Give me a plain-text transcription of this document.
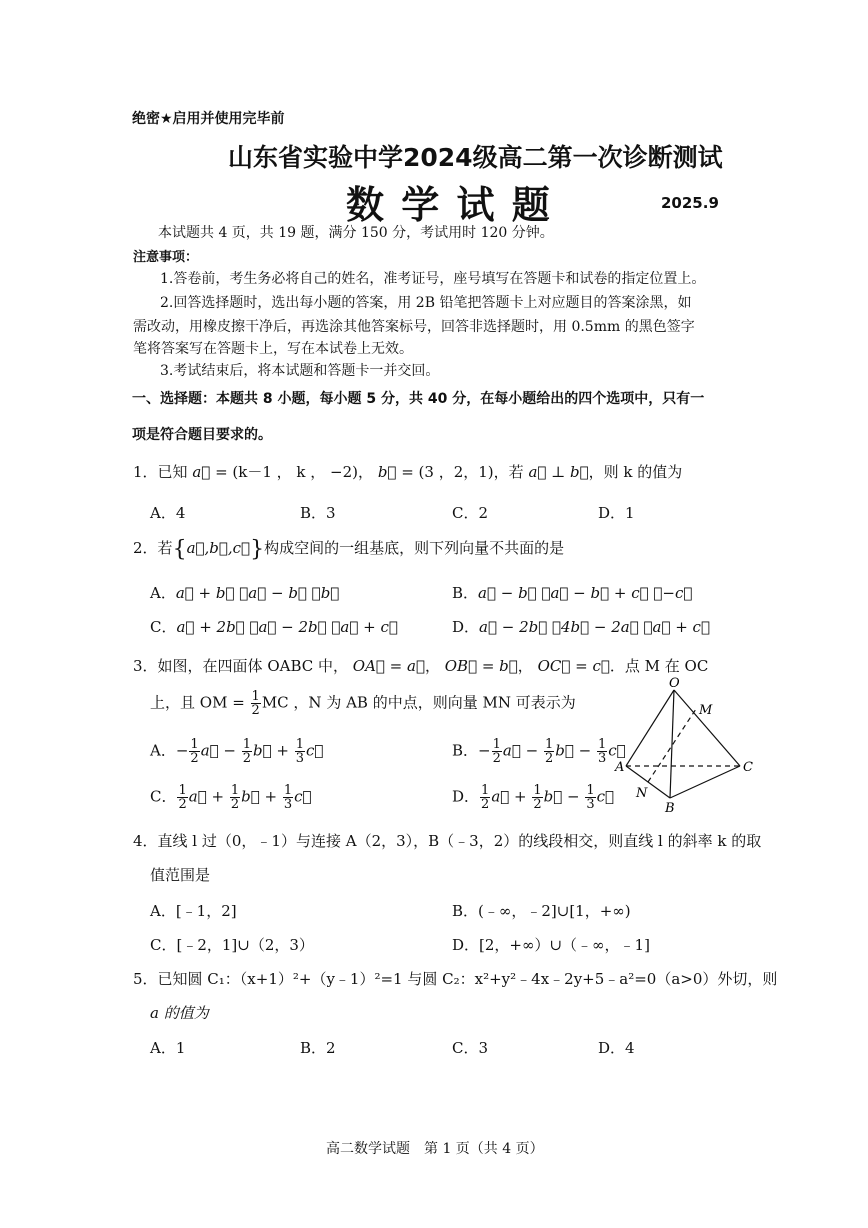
绝密★启用并使用完毕前
山东省实验中学2024级高二第一次诊断测试
数 学 试 题	2025.9
本试题共 4 页，共 19 题，满分 150 分，考试用时 120 分钟。
注意事项：
1.答卷前，考生务必将自己的姓名，准考证号，座号填写在答题卡和试卷的指定位置上。
2.回答选择题时，选出每小题的答案，用 2B 铅笔把答题卡上对应题目的答案涂黑，如
需改动，用橡皮擦干净后，再选涂其他答案标号，回答非选择题时，用 0.5mm 的黑色签字
笔将答案写在答题卡上，写在本试卷上无效。
3.考试结束后，将本试题和答题卡一并交回。
一、选择题：本题共 8 小题，每小题 5 分，共 40 分，在每小题给出的四个选项中，只有一
项是符合题目要求的。
1．已知 a⃗ = (k－1 ， k ， −2)， b⃗ = (3 ，2，1)，若 a⃗ ⊥ b⃗，则 k 的值为
A．4	B．3	C．2	D．1
2．若{a⃗,b⃗,c⃗}构成空间的一组基底，则下列向量不共面的是
A．a⃗ + b⃗ ，a⃗ − b⃗ ，b⃗	B．a⃗ − b⃗ ，a⃗ − b⃗ + c⃗ ，−c⃗
C．a⃗ + 2b⃗ ，a⃗ − 2b⃗ ，a⃗ + c⃗	D．a⃗ − 2b⃗ ，4b⃗ − 2a⃗ ，a⃗ + c⃗
3．如图，在四面体 OABC 中， OA⃗ = a⃗， OB⃗ = b⃗， OC⃗ = c⃗．点 M 在 OC
上，且 OM = $\frac{1}{2}$ MC ，N 为 AB 的中点，则向量 MN 可表示为
A．− $\frac{1}{2}$ a⃗ − $\frac{1}{2}$ b⃗ + $\frac{1}{3}$ c⃗	B．− $\frac{1}{2}$ a⃗ − $\frac{1}{2}$ b⃗ − $\frac{1}{3}$ c⃗
C． $\frac{1}{2}$ a⃗ + $\frac{1}{2}$ b⃗ + $\frac{1}{3}$ c⃗	D． $\frac{1}{2}$ a⃗ + $\frac{1}{2}$ b⃗ − $\frac{1}{3}$ c⃗
O
M
A	C
N
B
4．直线 l 过（0，﹣1）与连接 A（2，3），B（﹣3，2）的线段相交，则直线 l 的斜率 k 的取
值范围是
A．[﹣1，2]	B．(﹣∞，﹣2]∪[1，+∞)
C．[﹣2，1]∪（2，3）	D．[2，+∞）∪（﹣∞，﹣1]
5．已知圆 C₁：（x+1）²+（y﹣1）²=1 与圆 C₂：x²+y²﹣4x﹣2y+5﹣a²=0（a>0）外切，则
a 的值为
A．1	B．2	C．3	D．4
高二数学试题　第 1 页（共 4 页）
